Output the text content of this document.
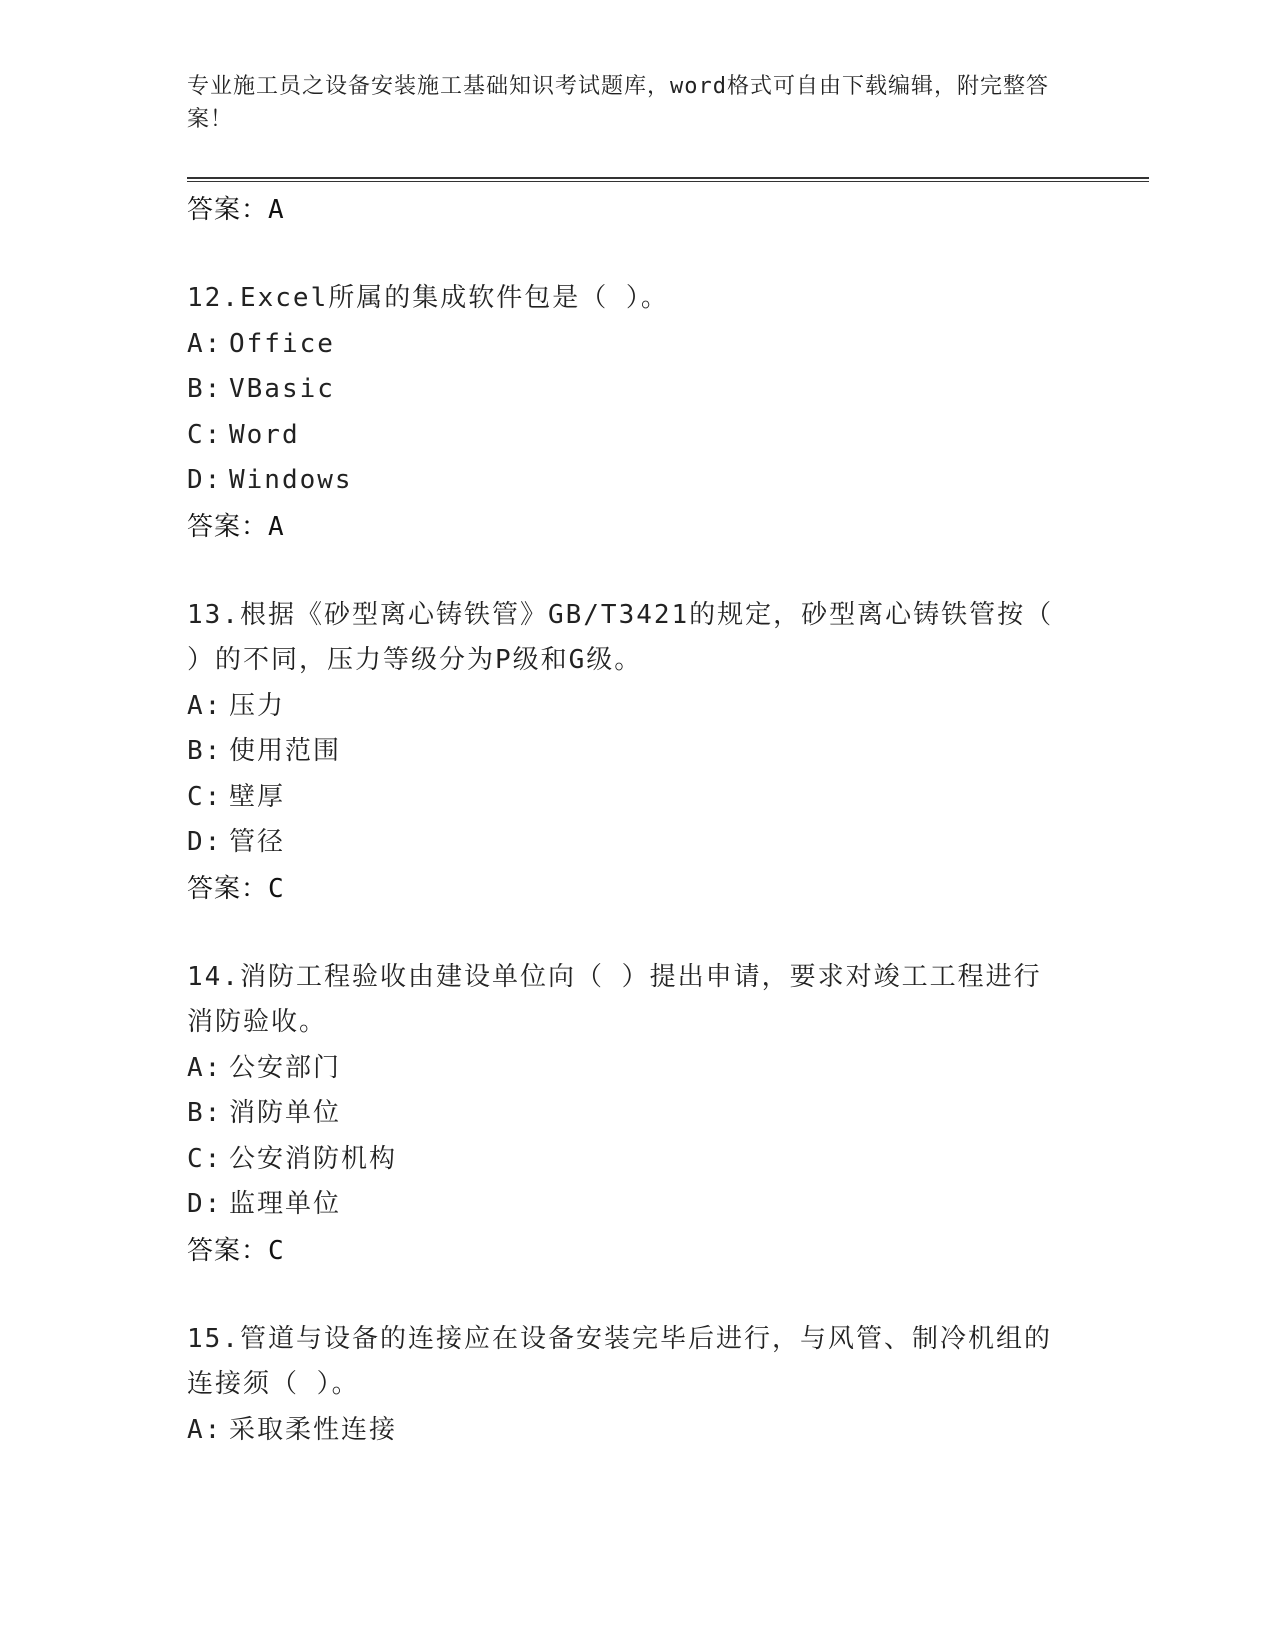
专业施工员之设备安装施工基础知识考试题库，word格式可自由下载编辑，附完整答案！
答案：A
12.Excel所属的集成软件包是（ ）。
A: Office
B: VBasic
C: Word
D: Windows
答案：A
13.根据《砂型离心铸铁管》GB/T3421的规定，砂型离心铸铁管按（ ）的不同，压力等级分为P级和G级。
A: 压力
B: 使用范围
C: 壁厚
D: 管径
答案：C
14.消防工程验收由建设单位向（ ）提出申请，要求对竣工工程进行消防验收。
A: 公安部门
B: 消防单位
C: 公安消防机构
D: 监理单位
答案：C
15.管道与设备的连接应在设备安装完毕后进行，与风管、制冷机组的连接须（ ）。
A: 采取柔性连接
